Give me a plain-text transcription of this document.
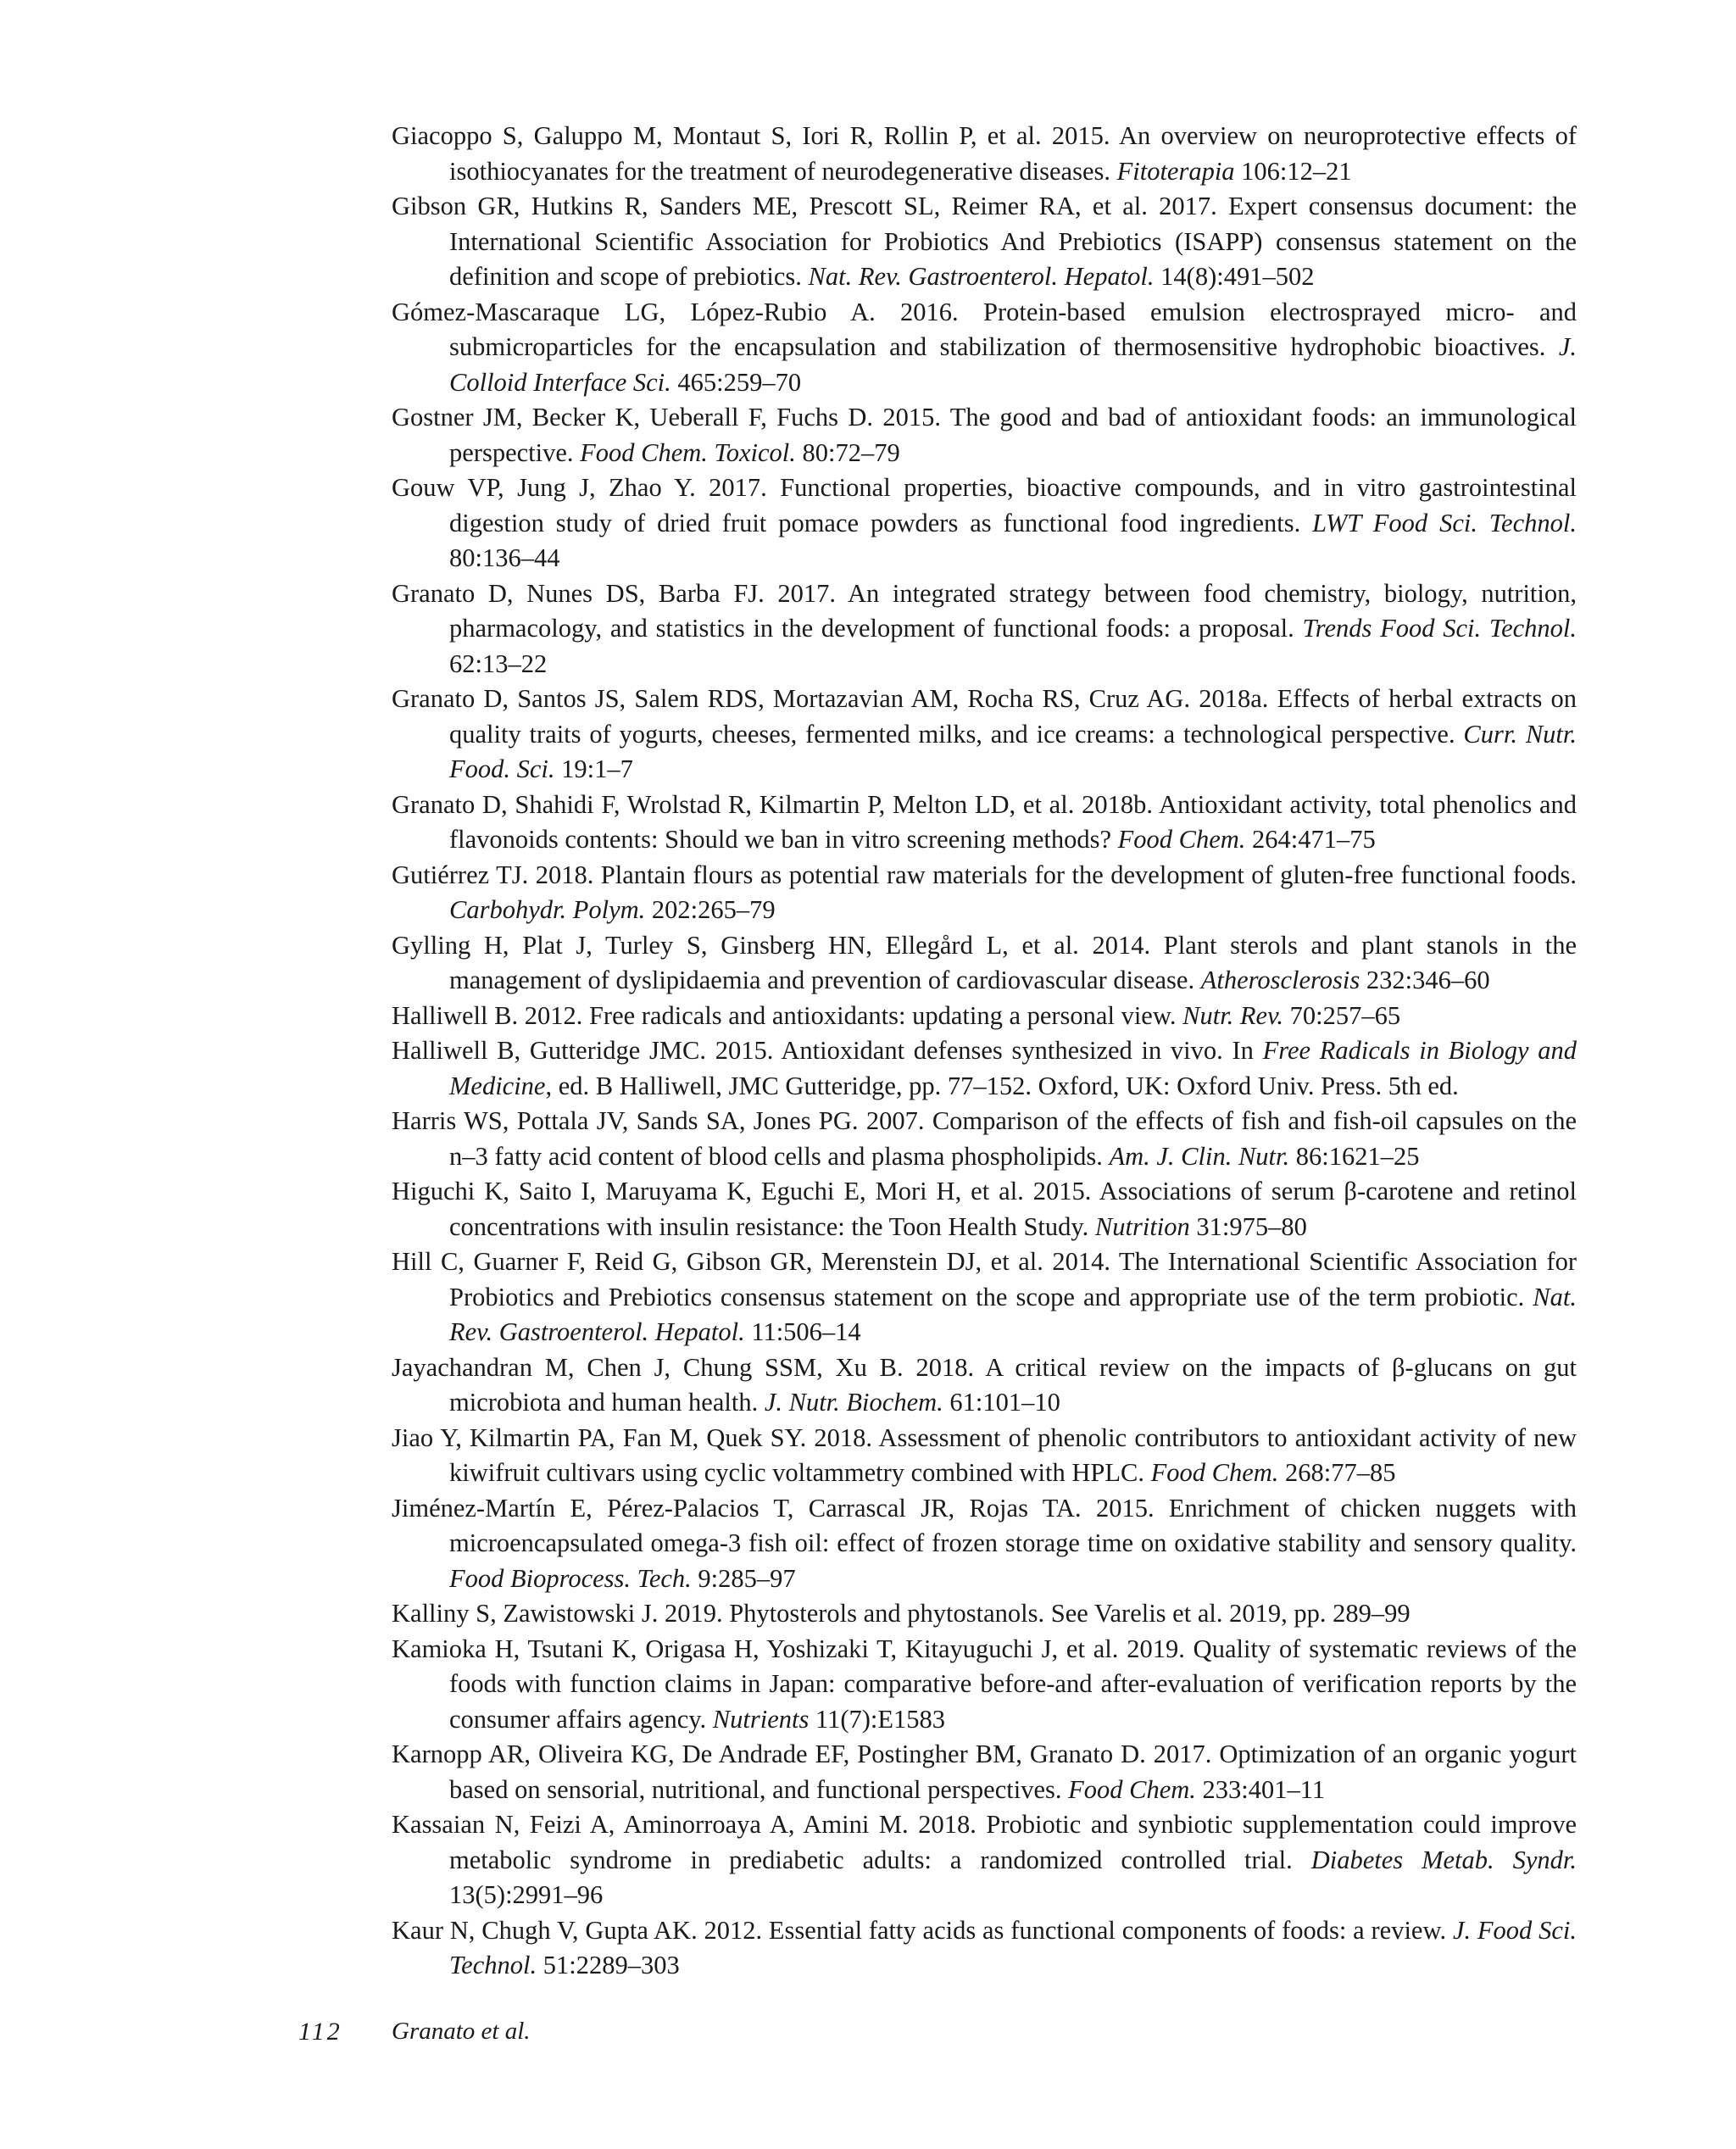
Giacoppo S, Galuppo M, Montaut S, Iori R, Rollin P, et al. 2015. An overview on neuroprotective effects of isothiocyanates for the treatment of neurodegenerative diseases. Fitoterapia 106:12–21
Gibson GR, Hutkins R, Sanders ME, Prescott SL, Reimer RA, et al. 2017. Expert consensus document: the International Scientific Association for Probiotics And Prebiotics (ISAPP) consensus statement on the definition and scope of prebiotics. Nat. Rev. Gastroenterol. Hepatol. 14(8):491–502
Gómez-Mascaraque LG, López-Rubio A. 2016. Protein-based emulsion electrosprayed micro- and submicroparticles for the encapsulation and stabilization of thermosensitive hydrophobic bioactives. J. Colloid Interface Sci. 465:259–70
Gostner JM, Becker K, Ueberall F, Fuchs D. 2015. The good and bad of antioxidant foods: an immunological perspective. Food Chem. Toxicol. 80:72–79
Gouw VP, Jung J, Zhao Y. 2017. Functional properties, bioactive compounds, and in vitro gastrointestinal digestion study of dried fruit pomace powders as functional food ingredients. LWT Food Sci. Technol. 80:136–44
Granato D, Nunes DS, Barba FJ. 2017. An integrated strategy between food chemistry, biology, nutrition, pharmacology, and statistics in the development of functional foods: a proposal. Trends Food Sci. Technol. 62:13–22
Granato D, Santos JS, Salem RDS, Mortazavian AM, Rocha RS, Cruz AG. 2018a. Effects of herbal extracts on quality traits of yogurts, cheeses, fermented milks, and ice creams: a technological perspective. Curr. Nutr. Food. Sci. 19:1–7
Granato D, Shahidi F, Wrolstad R, Kilmartin P, Melton LD, et al. 2018b. Antioxidant activity, total phenolics and flavonoids contents: Should we ban in vitro screening methods? Food Chem. 264:471–75
Gutiérrez TJ. 2018. Plantain flours as potential raw materials for the development of gluten-free functional foods. Carbohydr. Polym. 202:265–79
Gylling H, Plat J, Turley S, Ginsberg HN, Ellegård L, et al. 2014. Plant sterols and plant stanols in the management of dyslipidaemia and prevention of cardiovascular disease. Atherosclerosis 232:346–60
Halliwell B. 2012. Free radicals and antioxidants: updating a personal view. Nutr. Rev. 70:257–65
Halliwell B, Gutteridge JMC. 2015. Antioxidant defenses synthesized in vivo. In Free Radicals in Biology and Medicine, ed. B Halliwell, JMC Gutteridge, pp. 77–152. Oxford, UK: Oxford Univ. Press. 5th ed.
Harris WS, Pottala JV, Sands SA, Jones PG. 2007. Comparison of the effects of fish and fish-oil capsules on the n–3 fatty acid content of blood cells and plasma phospholipids. Am. J. Clin. Nutr. 86:1621–25
Higuchi K, Saito I, Maruyama K, Eguchi E, Mori H, et al. 2015. Associations of serum β-carotene and retinol concentrations with insulin resistance: the Toon Health Study. Nutrition 31:975–80
Hill C, Guarner F, Reid G, Gibson GR, Merenstein DJ, et al. 2014. The International Scientific Association for Probiotics and Prebiotics consensus statement on the scope and appropriate use of the term probiotic. Nat. Rev. Gastroenterol. Hepatol. 11:506–14
Jayachandran M, Chen J, Chung SSM, Xu B. 2018. A critical review on the impacts of β-glucans on gut microbiota and human health. J. Nutr. Biochem. 61:101–10
Jiao Y, Kilmartin PA, Fan M, Quek SY. 2018. Assessment of phenolic contributors to antioxidant activity of new kiwifruit cultivars using cyclic voltammetry combined with HPLC. Food Chem. 268:77–85
Jiménez-Martín E, Pérez-Palacios T, Carrascal JR, Rojas TA. 2015. Enrichment of chicken nuggets with microencapsulated omega-3 fish oil: effect of frozen storage time on oxidative stability and sensory quality. Food Bioprocess. Tech. 9:285–97
Kalliny S, Zawistowski J. 2019. Phytosterols and phytostanols. See Varelis et al. 2019, pp. 289–99
Kamioka H, Tsutani K, Origasa H, Yoshizaki T, Kitayuguchi J, et al. 2019. Quality of systematic reviews of the foods with function claims in Japan: comparative before-and after-evaluation of verification reports by the consumer affairs agency. Nutrients 11(7):E1583
Karnopp AR, Oliveira KG, De Andrade EF, Postingher BM, Granato D. 2017. Optimization of an organic yogurt based on sensorial, nutritional, and functional perspectives. Food Chem. 233:401–11
Kassaian N, Feizi A, Aminorroaya A, Amini M. 2018. Probiotic and synbiotic supplementation could improve metabolic syndrome in prediabetic adults: a randomized controlled trial. Diabetes Metab. Syndr. 13(5):2991–96
Kaur N, Chugh V, Gupta AK. 2012. Essential fatty acids as functional components of foods: a review. J. Food Sci. Technol. 51:2289–303
112 Granato et al.
